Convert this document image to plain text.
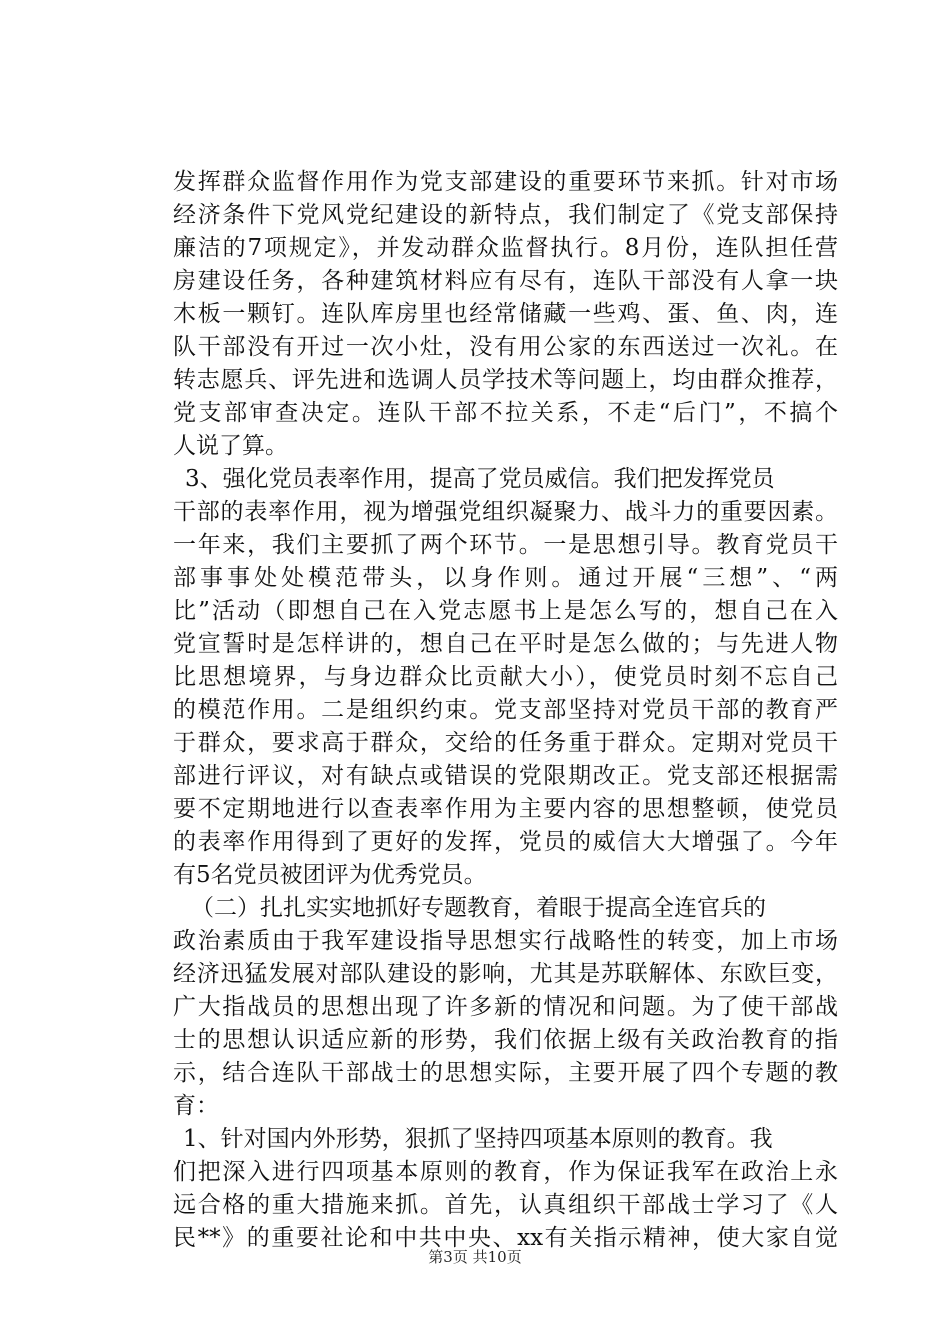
发挥群众监督作用作为党支部建设的重要环节来抓。针对市场
经济条件下党风党纪建设的新特点，我们制定了《党支部保持
廉洁的7项规定》，并发动群众监督执行。8月份，连队担任营
房建设任务，各种建筑材料应有尽有，连队干部没有人拿一块
木板一颗钉。连队库房里也经常储藏一些鸡、蛋、鱼、肉，连
队干部没有开过一次小灶，没有用公家的东西送过一次礼。在
转志愿兵、评先进和选调人员学技术等问题上，均由群众推荐，
党支部审查决定。连队干部不拉关系，不走“后门”，不搞个
人说了算。
3、强化党员表率作用，提高了党员威信。我们把发挥党员
干部的表率作用，视为增强党组织凝聚力、战斗力的重要因素。
一年来，我们主要抓了两个环节。一是思想引导。教育党员干
部事事处处模范带头，以身作则。通过开展“三想”、“两
比”活动（即想自己在入党志愿书上是怎么写的，想自己在入
党宣誓时是怎样讲的，想自己在平时是怎么做的；与先进人物
比思想境界，与身边群众比贡献大小），使党员时刻不忘自己
的模范作用。二是组织约束。党支部坚持对党员干部的教育严
于群众，要求高于群众，交给的任务重于群众。定期对党员干
部进行评议，对有缺点或错误的党限期改正。党支部还根据需
要不定期地进行以查表率作用为主要内容的思想整顿，使党员
的表率作用得到了更好的发挥，党员的威信大大增强了。今年
有5名党员被团评为优秀党员。
（二）扎扎实实地抓好专题教育，着眼于提高全连官兵的
政治素质由于我军建设指导思想实行战略性的转变，加上市场
经济迅猛发展对部队建设的影响，尤其是苏联解体、东欧巨变，
广大指战员的思想出现了许多新的情况和问题。为了使干部战
士的思想认识适应新的形势，我们依据上级有关政治教育的指
示，结合连队干部战士的思想实际，主要开展了四个专题的教
育：
1、针对国内外形势，狠抓了坚持四项基本原则的教育。我
们把深入进行四项基本原则的教育，作为保证我军在政治上永
远合格的重大措施来抓。首先，认真组织干部战士学习了《人
民**》的重要社论和中共中央、xx有关指示精神，使大家自觉
第3页 共10页
